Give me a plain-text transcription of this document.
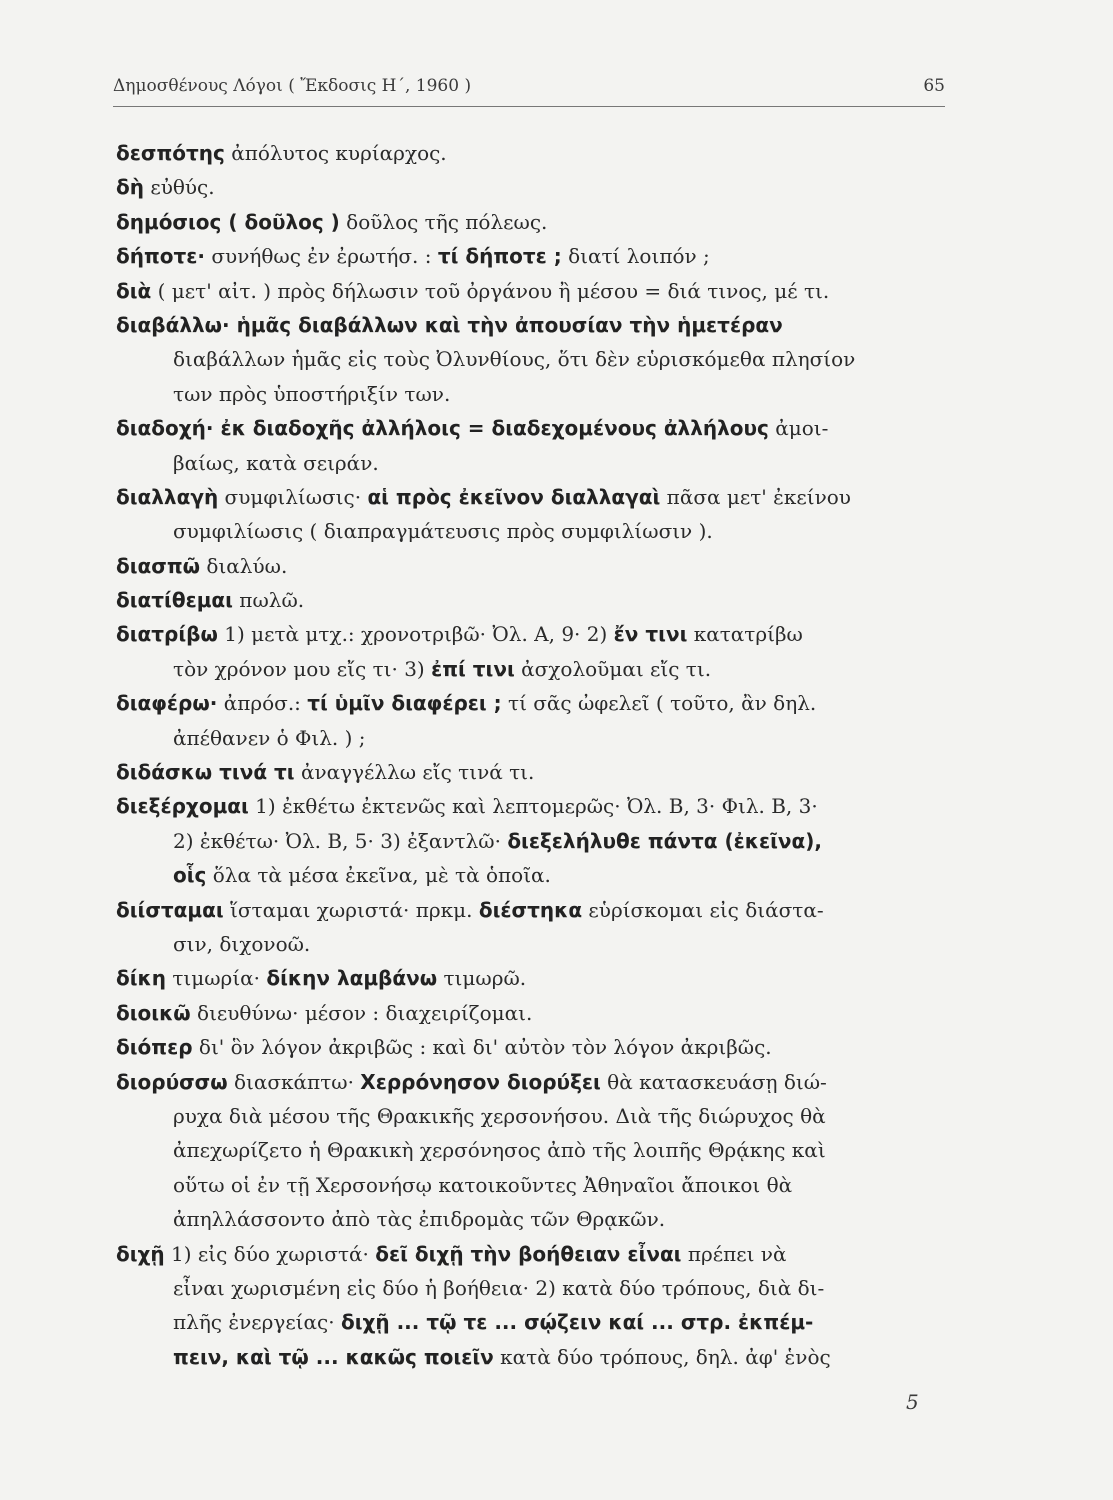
Δημοσθένους Λόγοι ( Ἔκδοσις Η΄, 1960 )	65
δεσπότης ἀπόλυτος κυρίαρχος.
δὴ εὐθύς.
δημόσιος ( δοῦλος ) δοῦλος τῆς πόλεως.
δήποτε· συνήθως ἐν ἐρωτήσ. : τί δήποτε ; διατί λοιπόν ;
διὰ ( μετ' αἰτ. ) πρὸς δήλωσιν τοῦ ὀργάνου ἢ μέσου = διά τινος, μέ τι.
διαβάλλω· ἡμᾶς διαβάλλων καὶ τὴν ἀπουσίαν τὴν ἡμετέραν
διαβάλλων ἡμᾶς εἰς τοὺς Ὀλυνθίους, ὅτι δὲν εὑρισκόμεθα πλησίον
των πρὸς ὑποστήριξίν των.
διαδοχή· ἐκ διαδοχῆς ἀλλήλοις = διαδεχομένους ἀλλήλους ἀμοι-
βαίως, κατὰ σειράν.
διαλλαγὴ συμφιλίωσις· αἱ πρὸς ἐκεῖνον διαλλαγαὶ πᾶσα μετ' ἐκείνου
συμφιλίωσις ( διαπραγμάτευσις πρὸς συμφιλίωσιν ).
διασπῶ διαλύω.
διατίθεμαι πωλῶ.
διατρίβω 1) μετὰ μτχ.: χρονοτριβῶ· Ὀλ. Α, 9· 2) ἔν τινι κατατρίβω
τὸν χρόνον μου εἴς τι· 3) ἐπί τινι ἀσχολοῦμαι εἴς τι.
διαφέρω· ἀπρόσ.: τί ὑμῖν διαφέρει ; τί σᾶς ὠφελεῖ ( τοῦτο, ἂν δηλ.
ἀπέθανεν ὁ Φιλ. ) ;
διδάσκω τινά τι ἀναγγέλλω εἴς τινά τι.
διεξέρχομαι 1) ἐκθέτω ἐκτενῶς καὶ λεπτομερῶς· Ὀλ. Β, 3· Φιλ. Β, 3·
2) ἐκθέτω· Ὀλ. Β, 5· 3) ἐξαντλῶ· διεξελήλυθε πάντα (ἐκεῖνα),
οἷς ὅλα τὰ μέσα ἐκεῖνα, μὲ τὰ ὁποῖα.
διίσταμαι ἵσταμαι χωριστά· πρκμ. διέστηκα εὑρίσκομαι εἰς διάστα-
σιν, διχονοῶ.
δίκη τιμωρία· δίκην λαμβάνω τιμωρῶ.
διοικῶ διευθύνω· μέσον : διαχειρίζομαι.
διόπερ δι' ὃν λόγον ἀκριβῶς : καὶ δι' αὐτὸν τὸν λόγον ἀκριβῶς.
διορύσσω διασκάπτω· Χερρόνησον διορύξει θὰ κατασκευάσῃ διώ-
ρυχα διὰ μέσου τῆς Θρακικῆς χερσονήσου. Διὰ τῆς διώρυχος θὰ
ἀπεχωρίζετο ἡ Θρακικὴ χερσόνησος ἀπὸ τῆς λοιπῆς Θρᾴκης καὶ
οὕτω οἱ ἐν τῇ Χερσονήσῳ κατοικοῦντες Ἀθηναῖοι ἄποικοι θὰ
ἀπηλλάσσοντο ἀπὸ τὰς ἐπιδρομὰς τῶν Θρᾳκῶν.
διχῇ 1) εἰς δύο χωριστά· δεῖ διχῇ τὴν βοήθειαν εἶναι πρέπει νὰ
εἶναι χωρισμένη εἰς δύο ἡ βοήθεια· 2) κατὰ δύο τρόπους, διὰ δι-
πλῆς ἐνεργείας· διχῇ ... τῷ τε ... σῴζειν καί ... στρ. ἐκπέμ-
πειν, καὶ τῷ ... κακῶς ποιεῖν κατὰ δύο τρόπους, δηλ. ἀφ' ἑνὸς
5
